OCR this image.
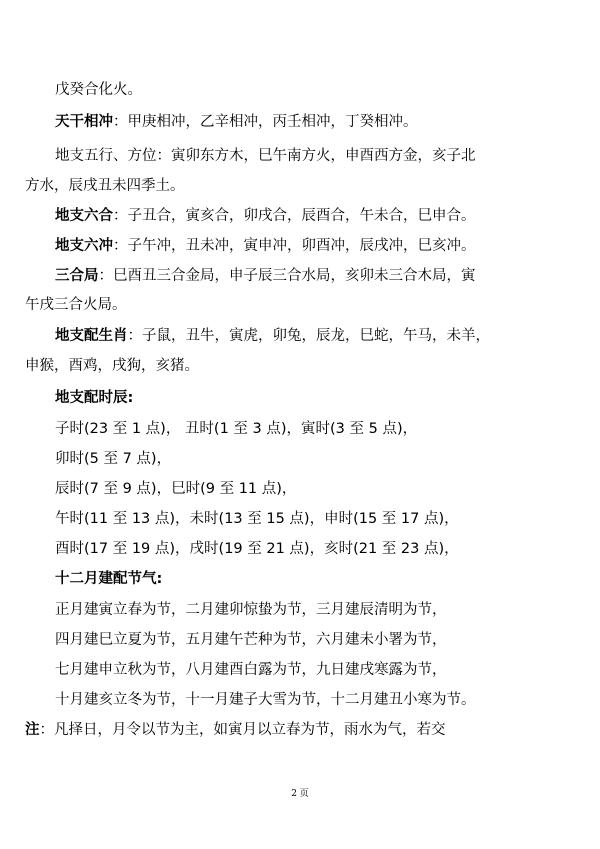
戊癸合化火。
天干相冲：甲庚相冲，乙辛相冲，丙壬相冲，丁癸相冲。
地支五行、方位：寅卯东方木，巳午南方火，申酉西方金，亥子北
方水，辰戌丑未四季土。
地支六合：子丑合，寅亥合，卯戌合，辰酉合，午未合，巳申合。
地支六冲：子午冲，丑未冲，寅申冲，卯酉冲，辰戌冲，巳亥冲。
三合局：巳酉丑三合金局，申子辰三合水局，亥卯未三合木局，寅
午戌三合火局。
地支配生肖：子鼠，丑牛，寅虎，卯兔，辰龙，巳蛇，午马，未羊，
申猴，酉鸡，戌狗，亥猪。
地支配时辰:
子时(23 至 1 点)， 丑时(1 至 3 点)，寅时(3 至 5 点)，
卯时(5 至 7 点)，
辰时(7 至 9 点)，巳时(9 至 11 点)，
午时(11 至 13 点)，未时(13 至 15 点)，申时(15 至 17 点)，
酉时(17 至 19 点)，戌时(19 至 21 点)，亥时(21 至 23 点)，
十二月建配节气:
正月建寅立春为节，二月建卯惊蛰为节，三月建辰清明为节，
四月建巳立夏为节，五月建午芒种为节，六月建未小署为节，
七月建申立秋为节，八月建酉白露为节，九日建戌寒露为节，
十月建亥立冬为节，十一月建子大雪为节，十二月建丑小寒为节。
注：凡择日，月令以节为主，如寅月以立春为节，雨水为气，若交
2 页
